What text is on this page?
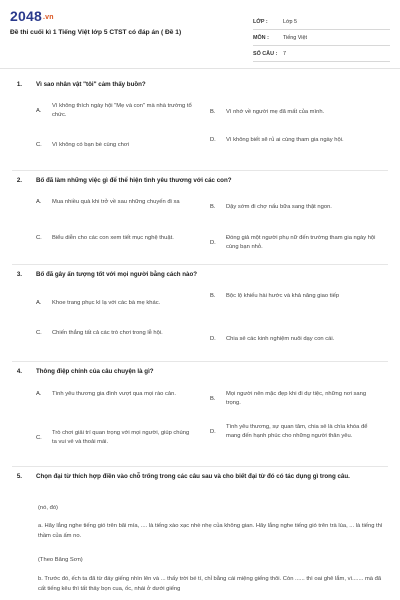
2048.vn
Đề thi cuối kì 1 Tiếng Việt lớp 5 CTST có đáp án ( Đề 1)
LỚP :	Lớp 5
MÔN :	Tiếng Việt
SỐ CÂU :	7
1.	Vì sao nhân vật "tôi" cảm thấy buồn?
A.
Vì không thích ngày hội "Mẹ và con" mà nhà trường tổ chức.
B.	Vì nhớ về người mẹ đã mất của mình.
C.	Vì không có bạn bè cùng chơi
D.	Vì không biết sẽ rủ ai cùng tham gia ngày hội.
2.	Bố đã làm những việc gì để thể hiện tình yêu thương với các con?
A.	Mua nhiều quà khi trở về sau những chuyến đi xa
B.	Dậy sớm đi chợ nấu bữa sang thật ngon.
C.	Biểu diễn cho các con xem tiết mục nghệ thuật.
D.
Đóng giả một người phụ nữ đến trường tham gia ngày hội cùng bạn nhỏ.
3.	Bố đã gây ấn tượng tốt với mọi người bằng cách nào?
A.	Khoe trang phục kì lạ với các bà mẹ khác.
B.	Bộc lộ khiếu hài hước và khả năng giao tiếp
C.	Chiến thắng tất cả các trò chơi trong lễ hội.
D.	Chia sẻ các kinh nghiệm nuôi dạy con cái.
4.	Thông điệp chính của câu chuyện là gì?
A.	Tình yêu thương gia đình vượt qua mọi rào cản.
B.
Mọi người nên mặc đẹp khi đi dự tiệc, những nơi sang trọng.
C.
Trò chơi giải trí quan trọng với mọi người, giúp chúng ta vui vẻ và thoải mái.
D.
Tình yêu thương, sự quan tâm, chia sẻ là chìa khóa để mang đến hạnh phúc cho những người thân yêu.
5.	Chọn đại từ thích hợp điền vào chỗ trống trong các câu sau và cho biết đại từ đó có tác dụng gì trong câu.
(nó, đó)
a. Hãy lắng nghe tiếng gió trên bãi mía, .... là tiếng xào xạc nhè nhẹ của không gian. Hãy lắng nghe tiếng gió trên trà lúa, ... là tiếng thì thầm của ấm no.
(Theo Băng Sơn)
b. Trước đó, ếch ta đã từ đáy giếng nhìn lên và ... thấy trời bé tí, chỉ bằng cái miệng giếng thôi. Còn ...... thì oai ghê lắm, vì....... mà đã cất tiếng kêu thì tất thảy bọn cua, ốc, nhái ở dưới giếng
